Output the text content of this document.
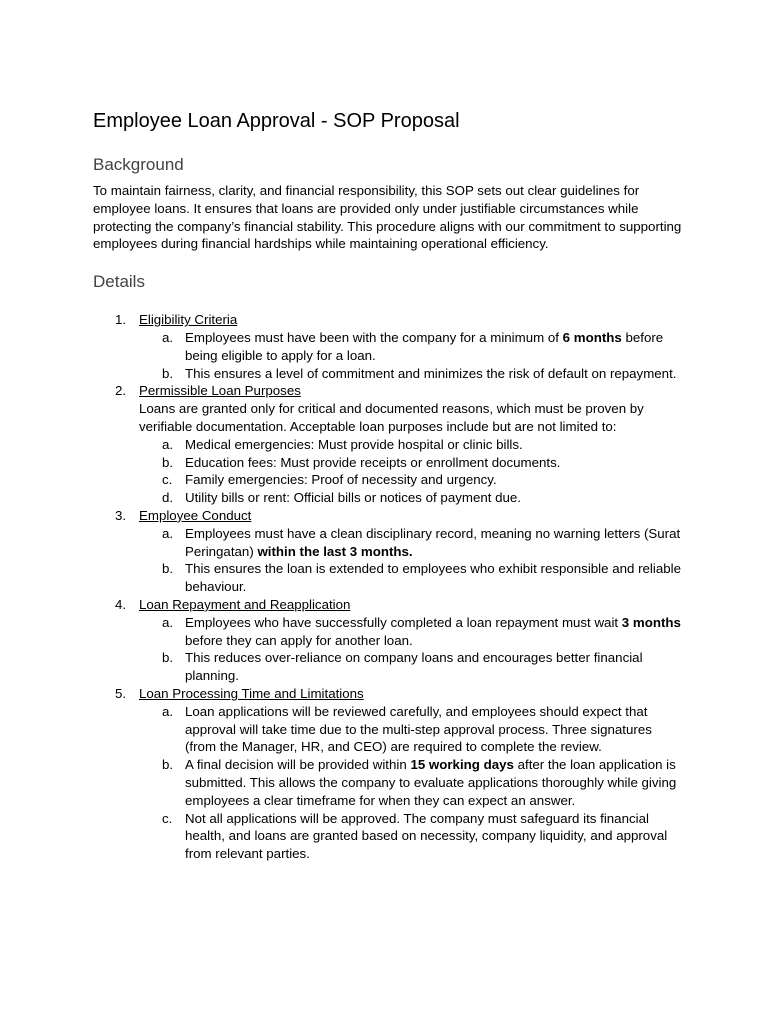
Employee Loan Approval - SOP Proposal
Background

To maintain fairness, clarity, and financial responsibility, this SOP sets out clear guidelines for employee loans. It ensures that loans are provided only under justifiable circumstances while protecting the company’s financial stability. This procedure aligns with our commitment to supporting employees during financial hardships while maintaining operational efficiency.

Details
1. Eligibility Criteria
a. Employees must have been with the company for a minimum of 6 months before being eligible to apply for a loan.
b. This ensures a level of commitment and minimizes the risk of default on repayment.
2. Permissible Loan Purposes
Loans are granted only for critical and documented reasons, which must be proven by verifiable documentation. Acceptable loan purposes include but are not limited to:
a. Medical emergencies: Must provide hospital or clinic bills.
b. Education fees: Must provide receipts or enrollment documents.
c. Family emergencies: Proof of necessity and urgency.
d. Utility bills or rent: Official bills or notices of payment due.
3. Employee Conduct
a. Employees must have a clean disciplinary record, meaning no warning letters (Surat Peringatan) within the last 3 months.
b. This ensures the loan is extended to employees who exhibit responsible and reliable behaviour.
4. Loan Repayment and Reapplication
a. Employees who have successfully completed a loan repayment must wait 3 months before they can apply for another loan.
b. This reduces over-reliance on company loans and encourages better financial planning.
5. Loan Processing Time and Limitations
a. Loan applications will be reviewed carefully, and employees should expect that approval will take time due to the multi-step approval process. Three signatures (from the Manager, HR, and CEO) are required to complete the review.
b. A final decision will be provided within 15 working days after the loan application is submitted. This allows the company to evaluate applications thoroughly while giving employees a clear timeframe for when they can expect an answer.
c. Not all applications will be approved. The company must safeguard its financial health, and loans are granted based on necessity, company liquidity, and approval from relevant parties.
